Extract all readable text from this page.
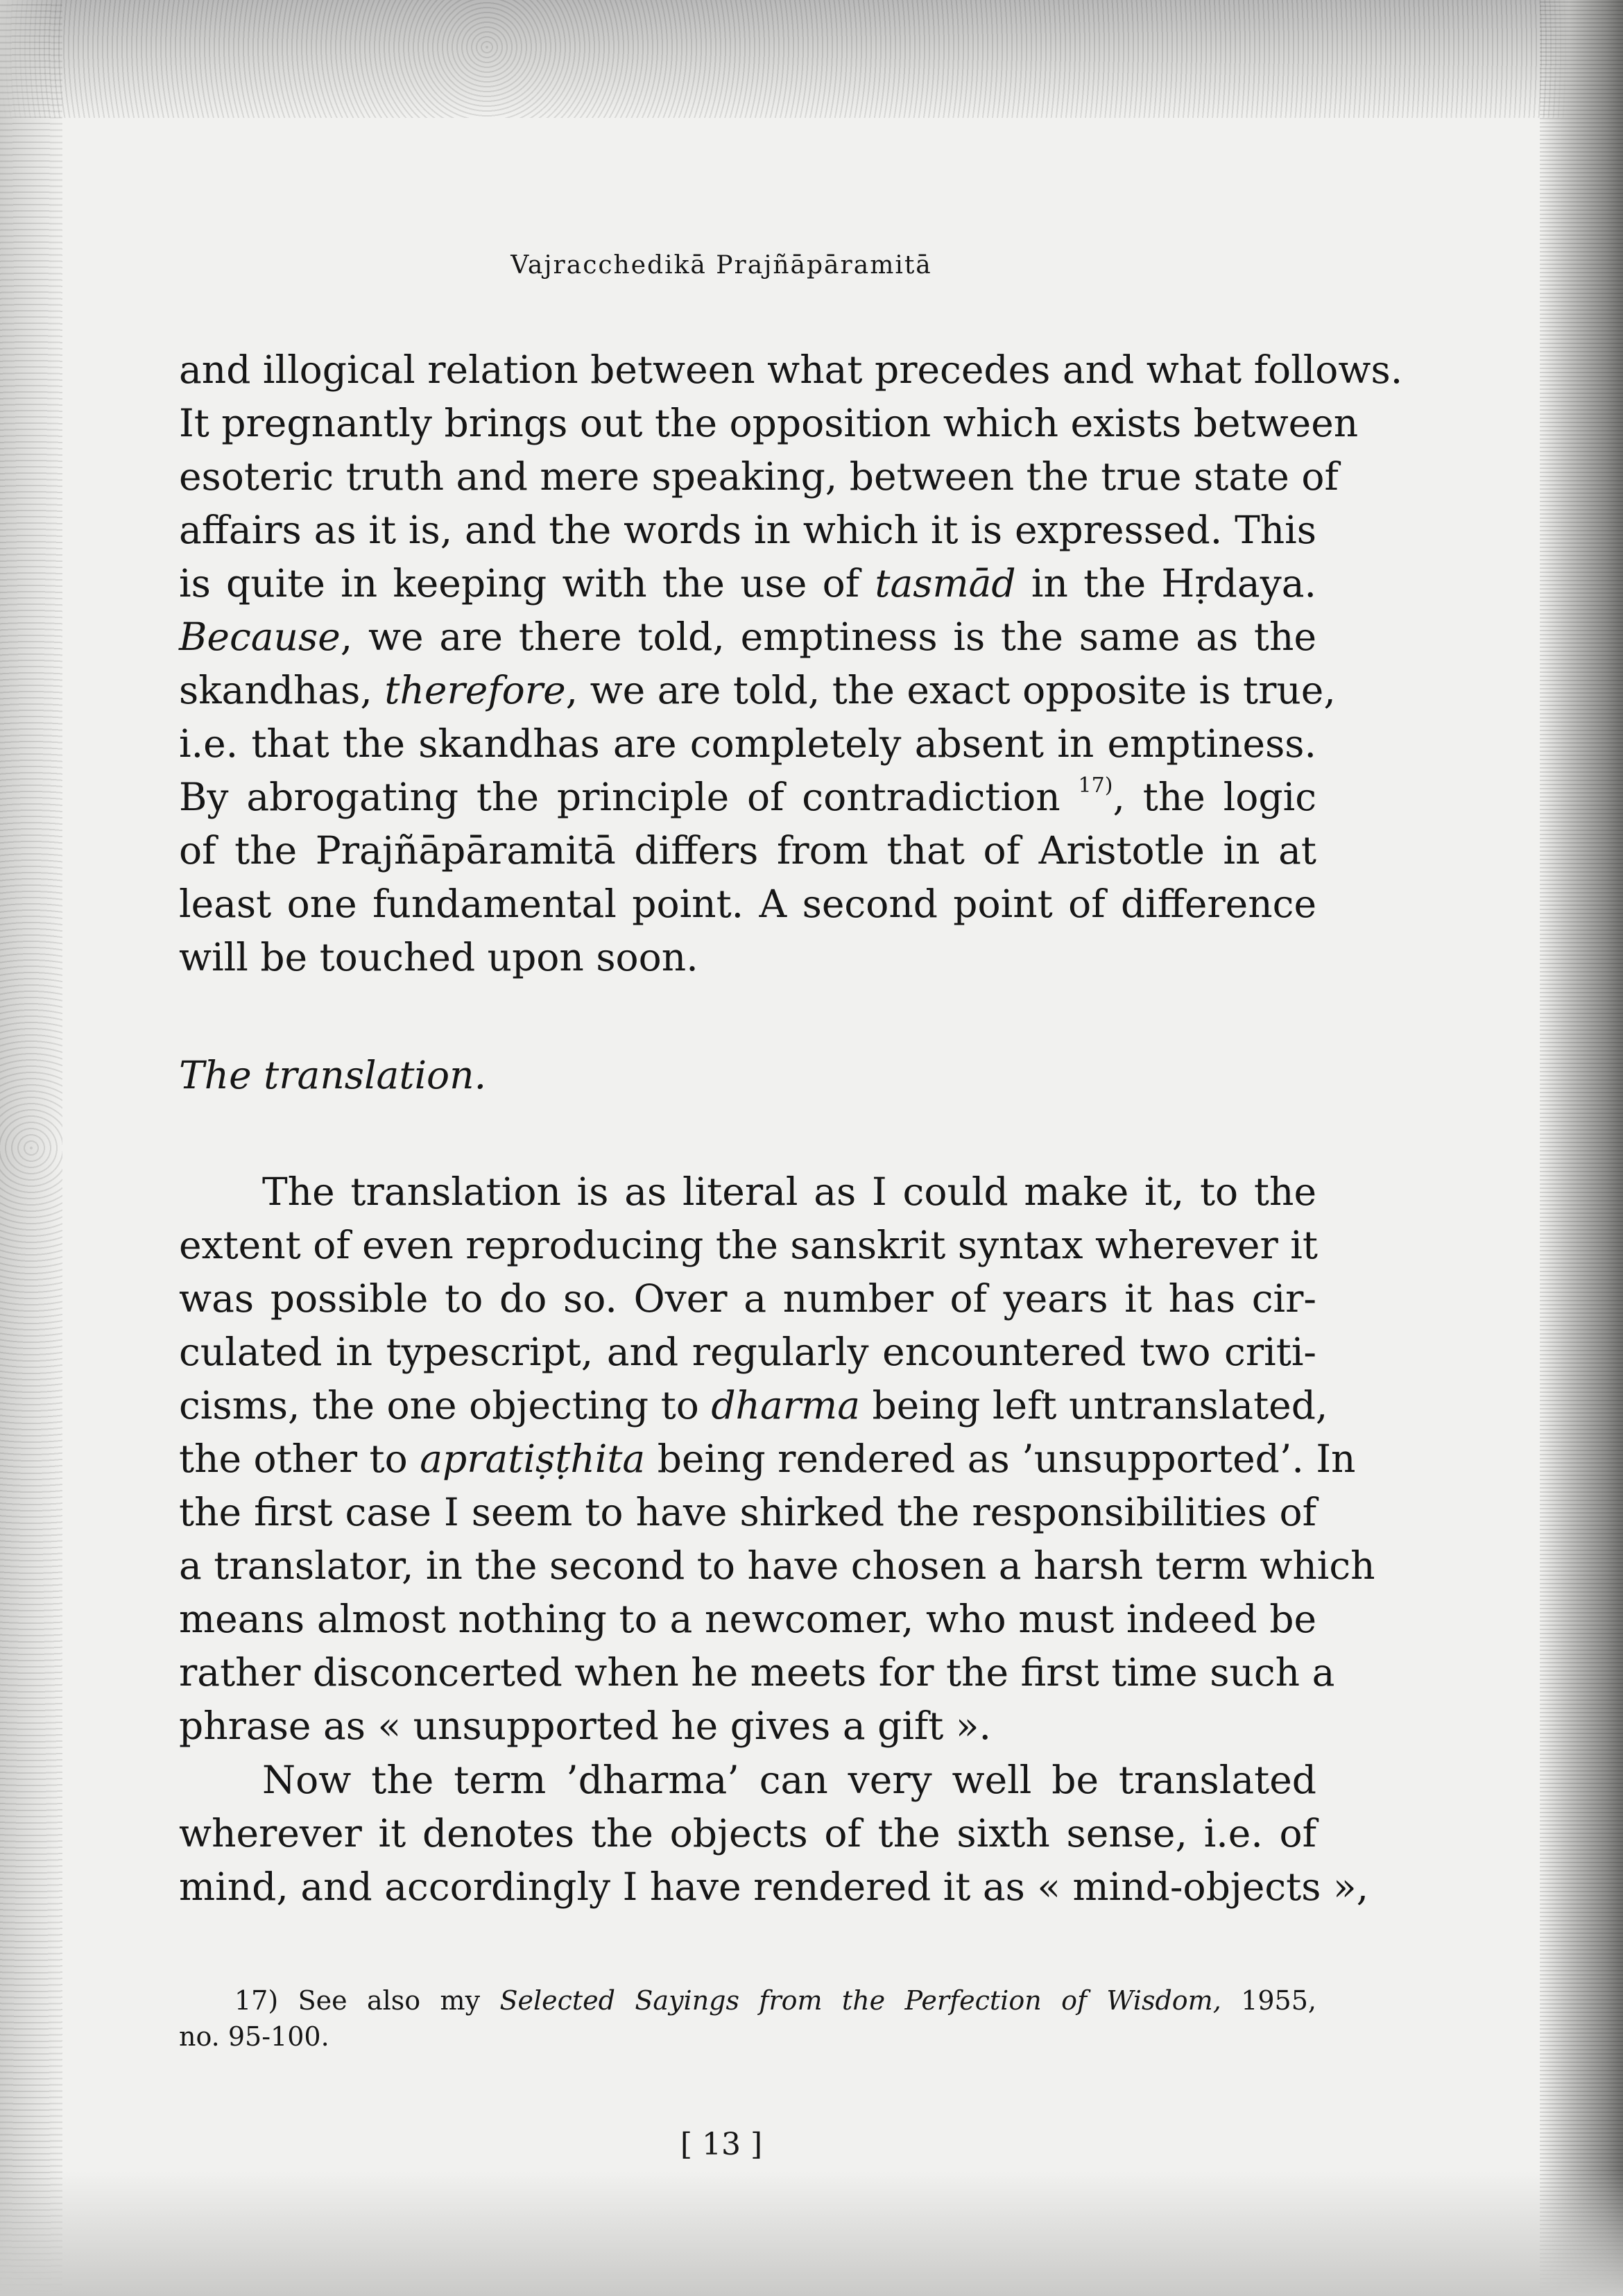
Vajracchedikā Prajñāpāramitā
and illogical relation between what precedes and what follows.
It pregnantly brings out the opposition which exists between
esoteric truth and mere speaking, between the true state of
affairs as it is, and the words in which it is expressed. This
is quite in keeping with the use of tasmād in the Hṛdaya.
Because, we are there told, emptiness is the same as the
skandhas, therefore, we are told, the exact opposite is true,
i.e. that the skandhas are completely absent in emptiness.
By abrogating the principle of contradiction $^{17)}$, the logic
of the Prajñāpāramitā differs from that of Aristotle in at
least one fundamental point. A second point of difference
will be touched upon soon.
The translation.
The translation is as literal as I could make it, to the
extent of even reproducing the sanskrit syntax wherever it
was possible to do so. Over a number of years it has cir-
culated in typescript, and regularly encountered two criti-
cisms, the one objecting to dharma being left untranslated,
the other to apratiṣṭhita being rendered as ’unsupported’. In
the first case I seem to have shirked the responsibilities of
a translator, in the second to have chosen a harsh term which
means almost nothing to a newcomer, who must indeed be
rather disconcerted when he meets for the first time such a
phrase as « unsupported he gives a gift ».
Now the term ’dharma’ can very well be translated
wherever it denotes the objects of the sixth sense, i.e. of
mind, and accordingly I have rendered it as « mind-objects »,
17) See also my Selected Sayings from the Perfection of Wisdom, 1955,
no. 95-100.
[ 13 ]
